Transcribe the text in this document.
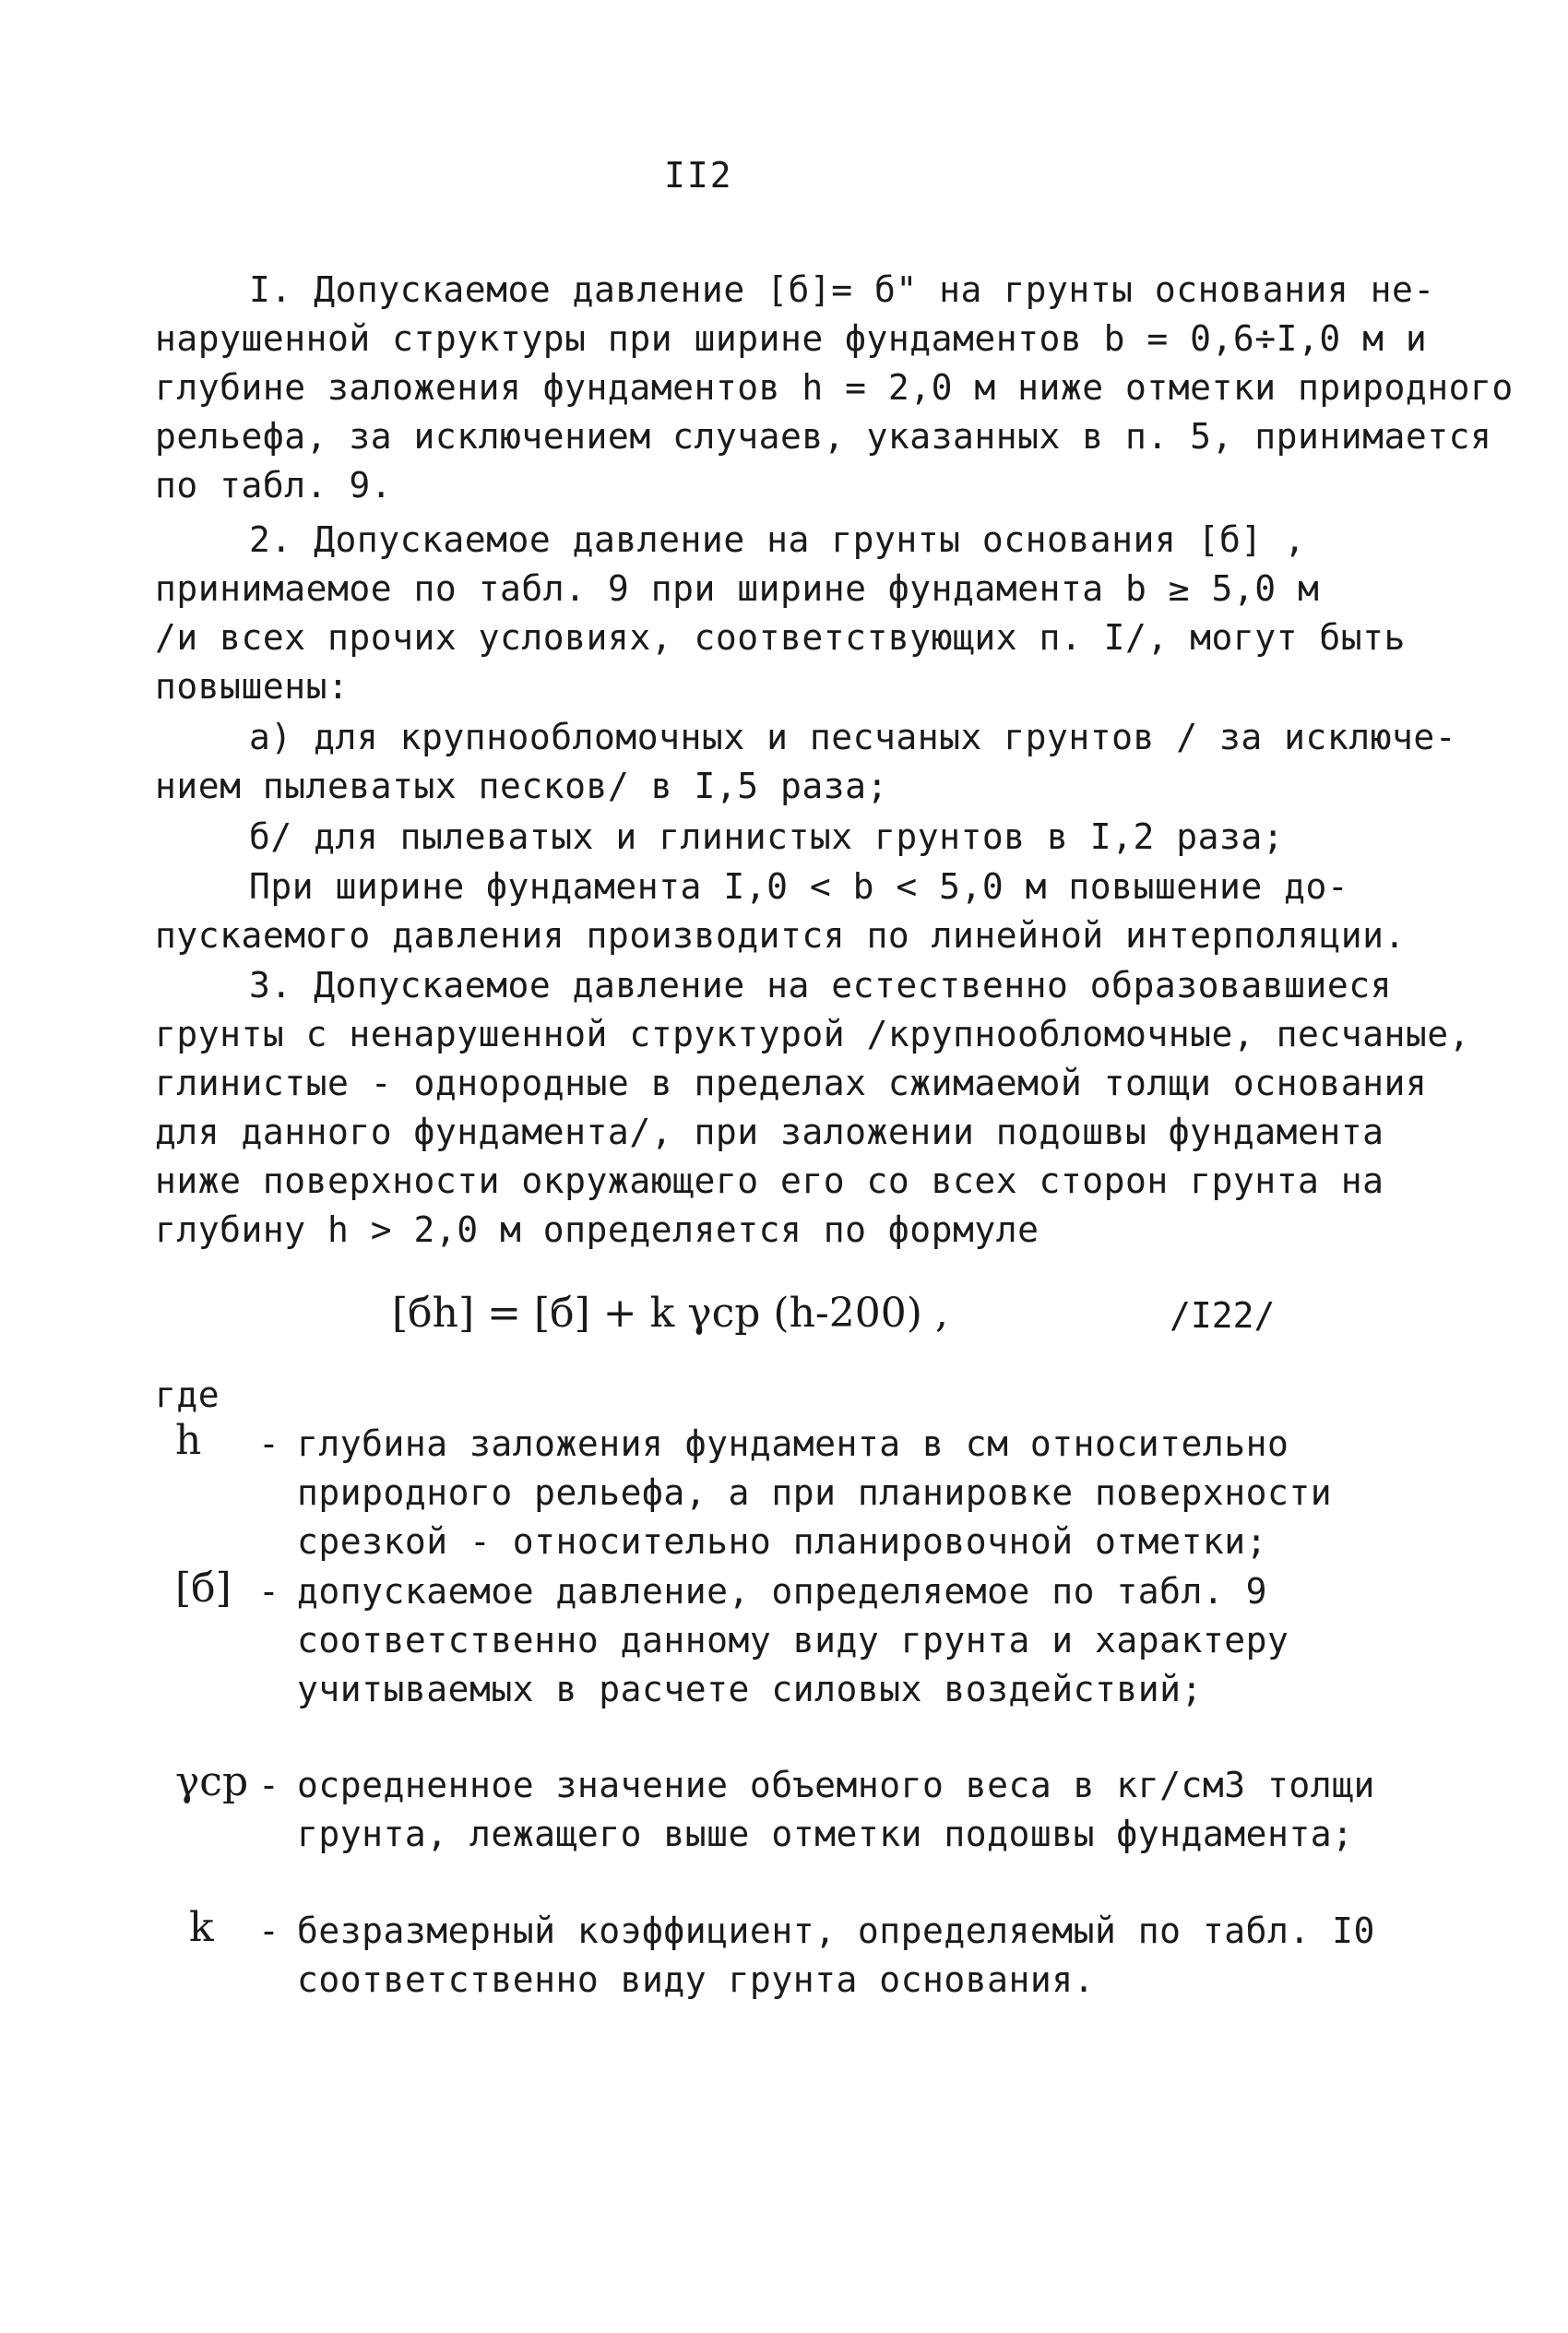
II2
I. Допускаемое давление [б]= б" на грунты основания не-
нарушенной структуры при ширине фундаментов b = 0,6÷I,0 м и
глубине заложения фундаментов h = 2,0 м ниже отметки природного
рельефа, за исключением случаев, указанных в п. 5, принимается
по табл. 9.
2. Допускаемое давление на грунты основания [б] ,
принимаемое по табл. 9 при ширине фундамента b ≥ 5,0 м
/и всех прочих условиях, соответствующих п. I/, могут быть
повышены:
а) для крупнообломочных и песчаных грунтов / за исключе-
нием пылеватых песков/ в I,5 раза;
б/ для пылеватых и глинистых грунтов в I,2 раза;
При ширине фундамента I,0 < b < 5,0 м повышение до-
пускаемого давления производится по линейной интерполяции.
3. Допускаемое давление на естественно образовавшиеся
грунты с ненарушенной структурой /крупнообломочные, песчаные,
глинистые - однородные в пределах сжимаемой толщи основания
для данного фундамента/, при заложении подошвы фундамента
ниже поверхности окружающего его со всех сторон грунта на
глубину h > 2,0 м определяется по формуле
[бh] = [б] + k γср (h-200) ,	/I22/
где
h - глубина заложения фундамента в см относительно
природного рельефа, а при планировке поверхности
срезкой - относительно планировочной отметки;
[б] - допускаемое давление, определяемое по табл. 9
соответственно данному виду грунта и характеру
учитываемых в расчете силовых воздействий;
γср - осредненное значение объемного веса в кг/см3 толщи
грунта, лежащего выше отметки подошвы фундамента;
k - безразмерный коэффициент, определяемый по табл. I0
соответственно виду грунта основания.
